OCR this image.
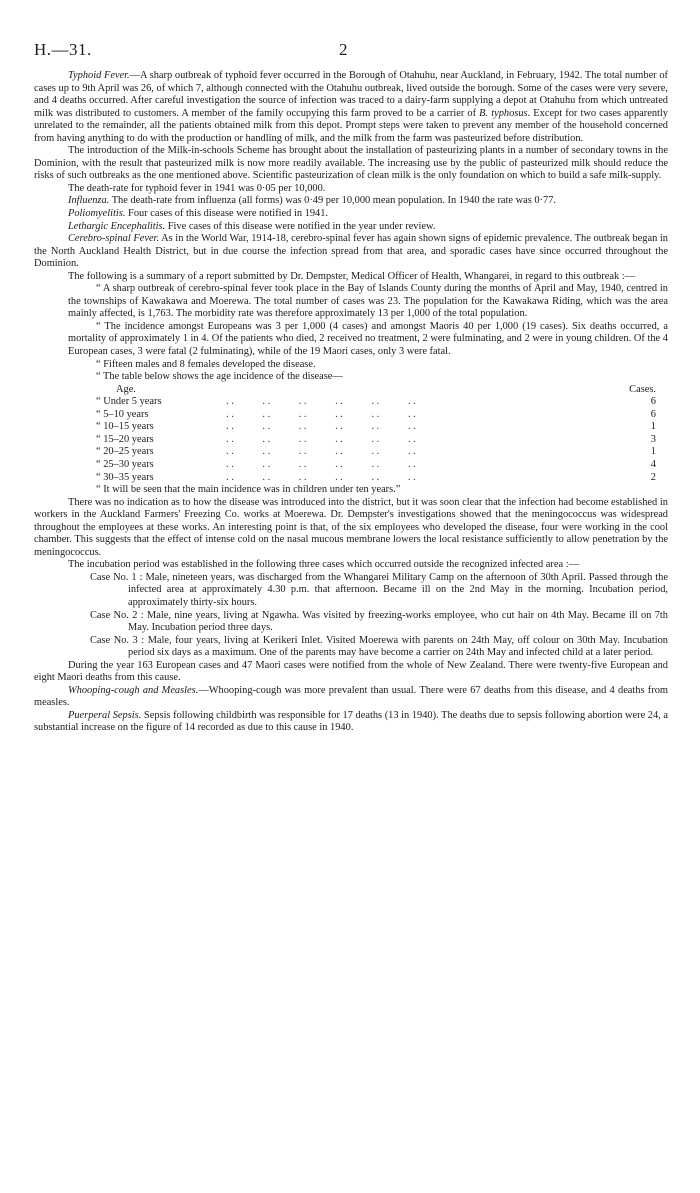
H.—31.	2

Typhoid Fever.—A sharp outbreak of typhoid fever occurred in the Borough of Otahuhu, near Auckland, in February, 1942. The total number of cases up to 9th April was 26, of which 7, although connected with the Otahuhu outbreak, lived outside the borough. Some of the cases were very severe, and 4 deaths occurred. After careful investigation the source of infection was traced to a dairy-farm supplying a depot at Otahuhu from which untreated milk was distributed to customers. A member of the family occupying this farm proved to be a carrier of B. typhosus. Except for two cases apparently unrelated to the remainder, all the patients obtained milk from this depot. Prompt steps were taken to prevent any member of the household concerned from having anything to do with the production or handling of milk, and the milk from the farm was pasteurized before distribution.

The introduction of the Milk-in-schools Scheme has brought about the installation of pasteurizing plants in a number of secondary towns in the Dominion, with the result that pasteurized milk is now more readily available. The increasing use by the public of pasteurized milk should reduce the risks of such outbreaks as the one mentioned above. Scientific pasteurization of clean milk is the only foundation on which to build a safe milk-supply.

The death-rate for typhoid fever in 1941 was 0·05 per 10,000.

Influenza. The death-rate from influenza (all forms) was 0·49 per 10,000 mean population. In 1940 the rate was 0·77.

Poliomyelitis. Four cases of this disease were notified in 1941.

Lethargic Encephalitis. Five cases of this disease were notified in the year under review.

Cerebro-spinal Fever. As in the World War, 1914-18, cerebro-spinal fever has again shown signs of epidemic prevalence. The outbreak began in the North Auckland Health District, but in due course the infection spread from that area, and sporadic cases have since occurred throughout the Dominion.

The following is a summary of a report submitted by Dr. Dempster, Medical Officer of Health, Whangarei, in regard to this outbreak :—

“ A sharp outbreak of cerebro-spinal fever took place in the Bay of Islands County during the months of April and May, 1940, centred in the townships of Kawakawa and Moerewa. The total number of cases was 23. The population for the Kawakawa Riding, which was the area mainly affected, is 1,763. The morbidity rate was therefore approximately 13 per 1,000 of the total population.

“ The incidence amongst Europeans was 3 per 1,000 (4 cases) and amongst Maoris 40 per 1,000 (19 cases). Six deaths occurred, a mortality of approximately 1 in 4. Of the patients who died, 2 received no treatment, 2 were fulminating, and 2 were in young children. Of the 4 European cases, 3 were fatal (2 fulminating), while of the 19 Maori cases, only 3 were fatal.

“ Fifteen males and 8 females developed the disease.

“ The table below shows the age incidence of the disease—

Age.	Cases.
“ Under 5 years	. .           . .           . .           . .           . .           . .	6
“ 5–10 years	. .           . .           . .           . .           . .           . .	6
“ 10–15 years	. .           . .           . .           . .           . .           . .	1
“ 15–20 years	. .           . .           . .           . .           . .           . .	3
“ 20–25 years	. .           . .           . .           . .           . .           . .	1
“ 25–30 years	. .           . .           . .           . .           . .           . .	4
“ 30–35 years	. .           . .           . .           . .           . .           . .	2

“ It will be seen that the main incidence was in children under ten years.”

There was no indication as to how the disease was introduced into the district, but it was soon clear that the infection had become established in workers in the Auckland Farmers' Freezing Co. works at Moerewa. Dr. Dempster's investigations showed that the meningococcus was widespread throughout the employees at these works. An interesting point is that, of the six employees who developed the disease, four were working in the cool chamber. This suggests that the effect of intense cold on the nasal mucous membrane lowers the local resistance sufficiently to allow penetration by the meningococcus.

The incubation period was established in the following three cases which occurred outside the recognized infected area :—

Case No. 1 : Male, nineteen years, was discharged from the Whangarei Military Camp on the afternoon of 30th April. Passed through the infected area at approximately 4.30 p.m. that afternoon. Became ill on the 2nd May in the morning. Incubation period, approximately thirty-six hours.

Case No. 2 : Male, nine years, living at Ngawha. Was visited by freezing-works employee, who cut hair on 4th May. Became ill on 7th May. Incubation period three days.

Case No. 3 : Male, four years, living at Kerikeri Inlet. Visited Moerewa with parents on 24th May, off colour on 30th May. Incubation period six days as a maximum. One of the parents may have become a carrier on 24th May and infected child at a later period.

During the year 163 European cases and 47 Maori cases were notified from the whole of New Zealand. There were twenty-five European and eight Maori deaths from this cause.

Whooping-cough and Measles.—Whooping-cough was more prevalent than usual. There were 67 deaths from this disease, and 4 deaths from measles.

Puerperal Sepsis. Sepsis following childbirth was responsible for 17 deaths (13 in 1940). The deaths due to sepsis following abortion were 24, a substantial increase on the figure of 14 recorded as due to this cause in 1940.
